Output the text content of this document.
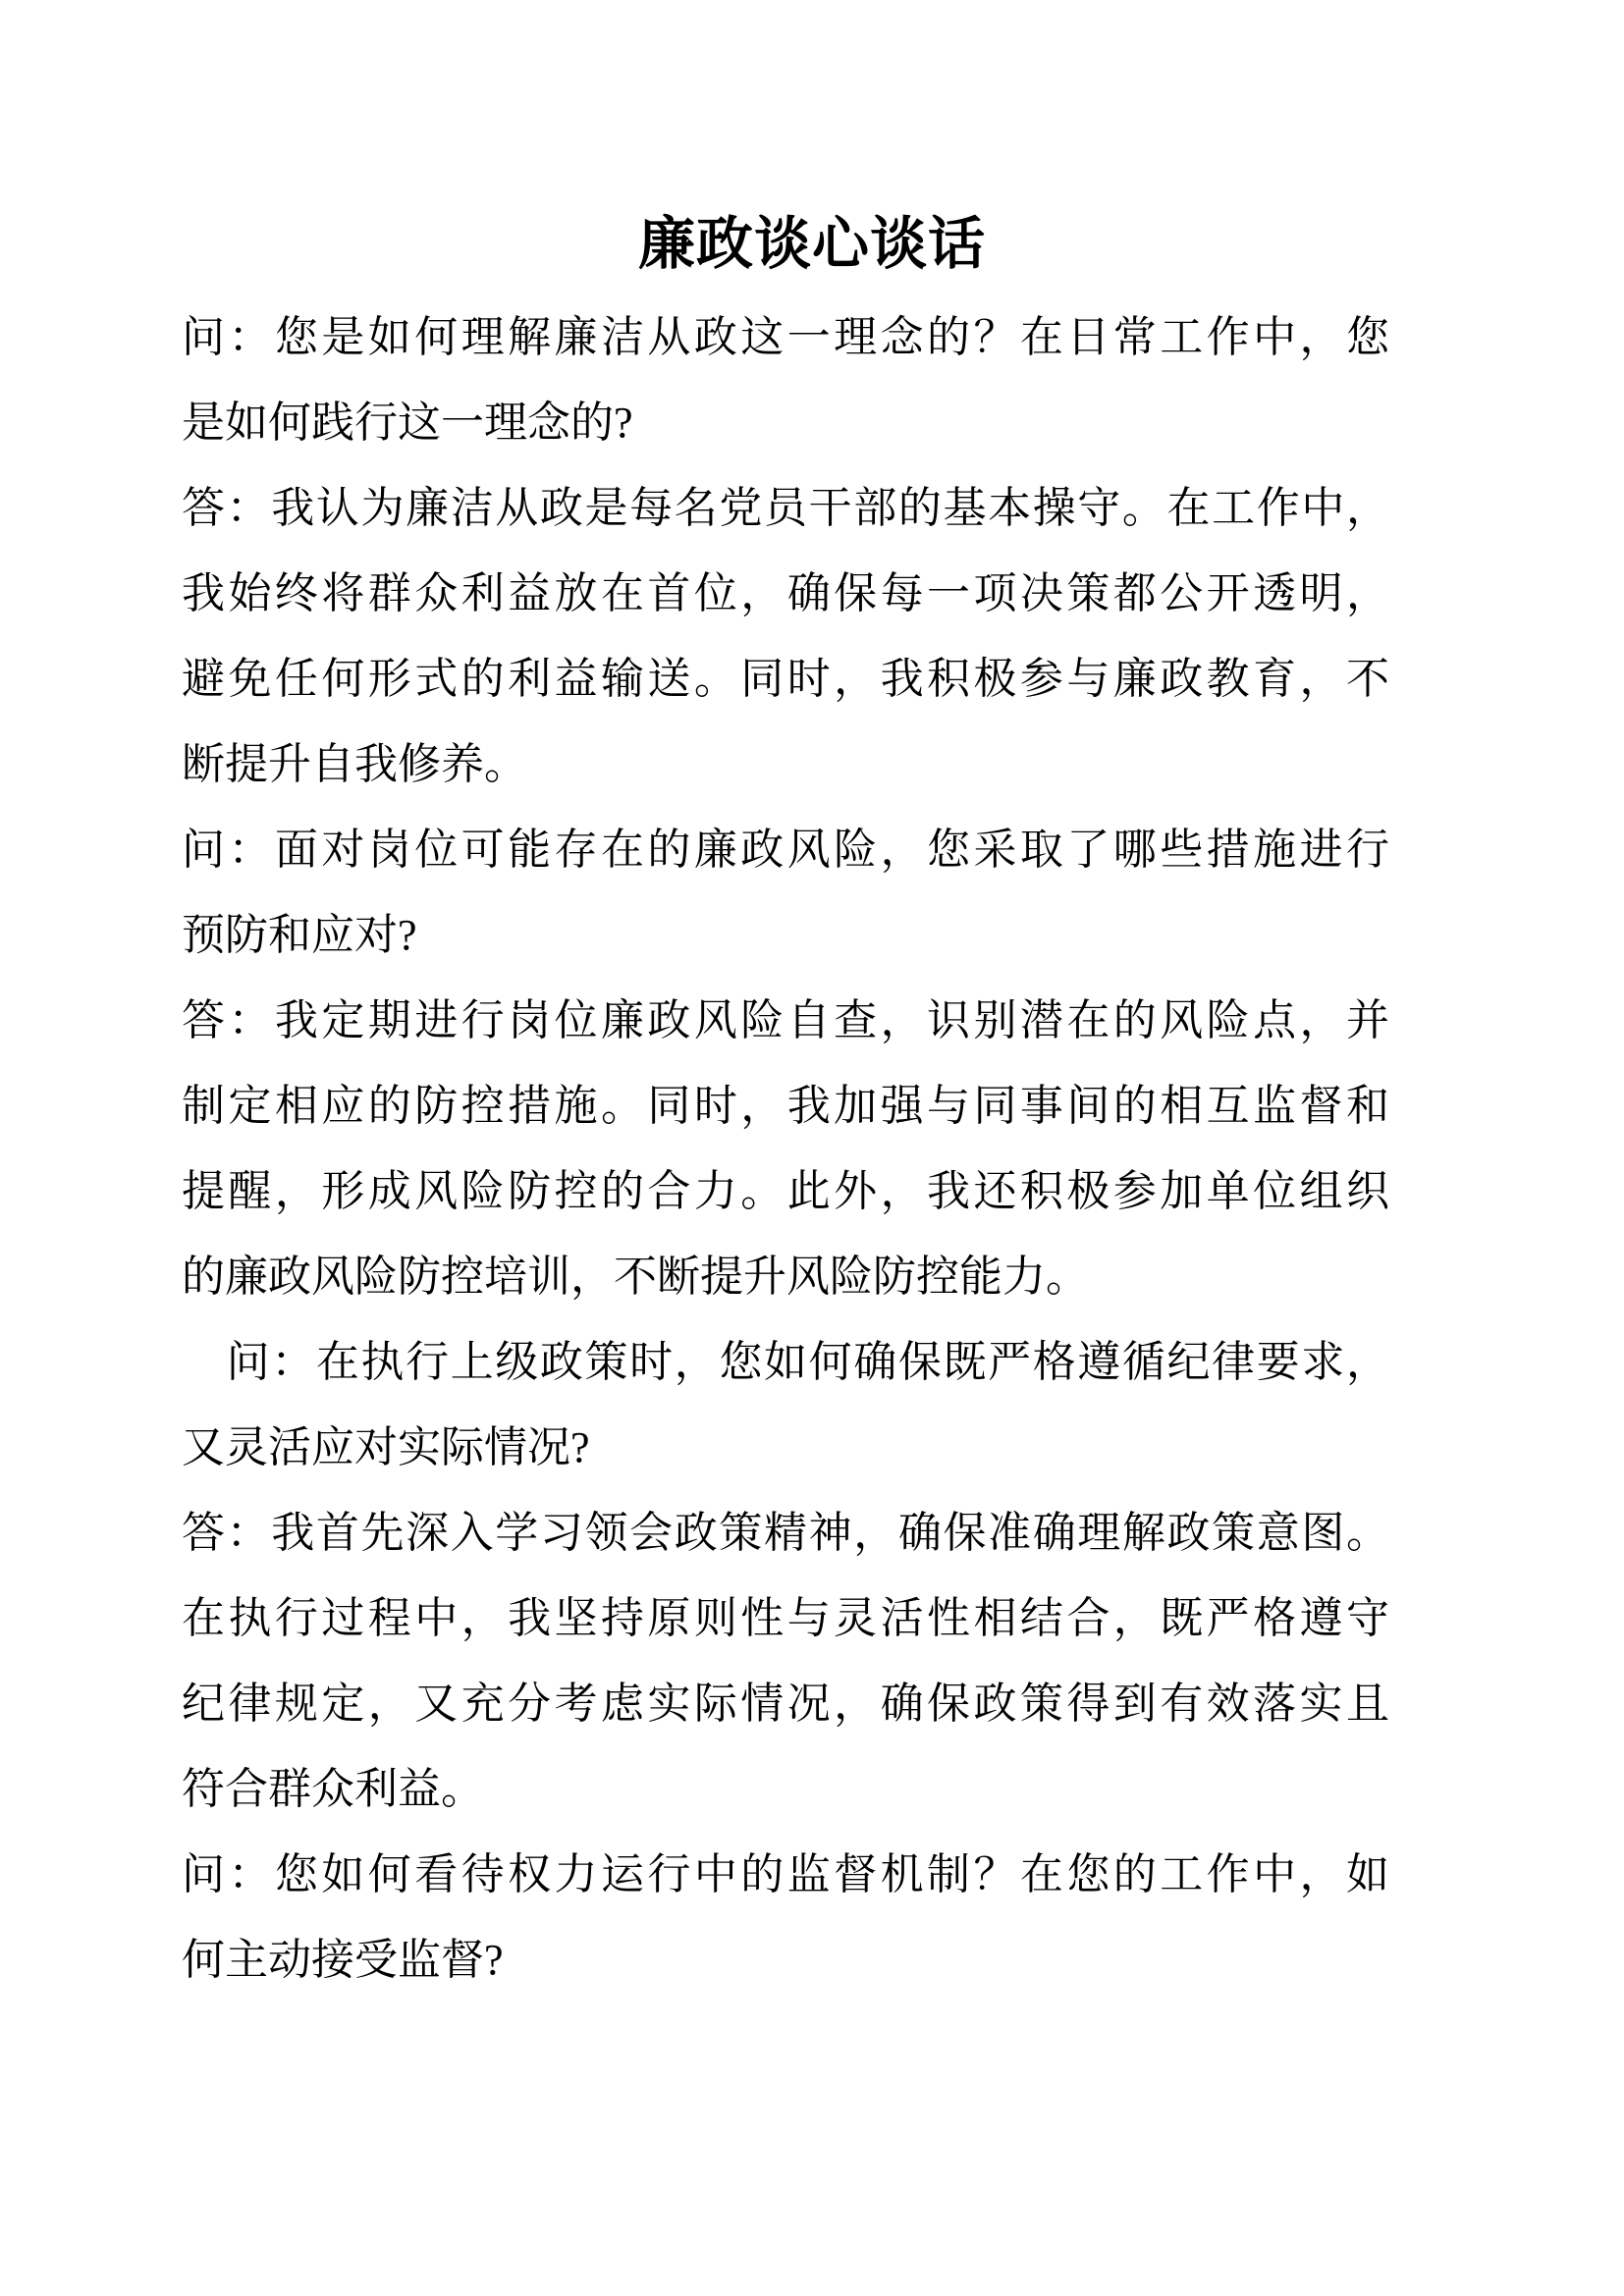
廉政谈心谈话
问：您是如何理解廉洁从政这一理念的？在日常工作中，您
是如何践行这一理念的?
答：我认为廉洁从政是每名党员干部的基本操守。在工作中，
我始终将群众利益放在首位，确保每一项决策都公开透明，
避免任何形式的利益输送。同时，我积极参与廉政教育，不
断提升自我修养。
问：面对岗位可能存在的廉政风险，您采取了哪些措施进行
预防和应对?
答：我定期进行岗位廉政风险自查，识别潜在的风险点，并
制定相应的防控措施。同时，我加强与同事间的相互监督和
提醒，形成风险防控的合力。此外，我还积极参加单位组织
的廉政风险防控培训，不断提升风险防控能力。
　问：在执行上级政策时，您如何确保既严格遵循纪律要求，
又灵活应对实际情况?
答：我首先深入学习领会政策精神，确保准确理解政策意图。
在执行过程中，我坚持原则性与灵活性相结合，既严格遵守
纪律规定，又充分考虑实际情况，确保政策得到有效落实且
符合群众利益。
问：您如何看待权力运行中的监督机制？在您的工作中，如
何主动接受监督?
